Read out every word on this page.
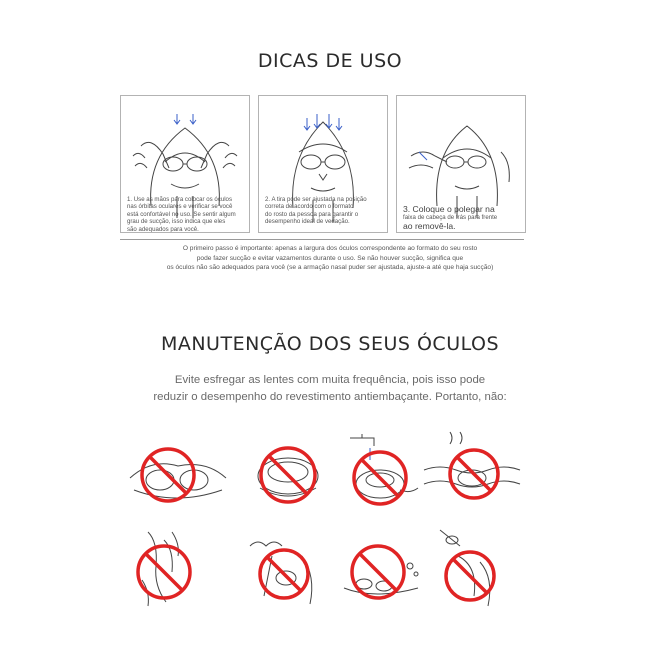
DICAS DE USO
1. Use as mãos para colocar os óculos
nas órbitas oculares e verificar se você
está confortável no uso. Se sentir algum
grau de sucção, isso indica que eles
são adequados para você.
2. A tira pode ser ajustada na posição
correta de acordo com o formato
do rosto da pessoa para garantir o
desempenho ideal de vedação.
3. Coloque o polegar na
faixa de cabeça de trás para frente
ao removê-la.
O primeiro passo é importante: apenas a largura dos óculos correspondente ao formato do seu rosto
pode fazer sucção e evitar vazamentos durante o uso. Se não houver sucção, significa que
os óculos não são adequados para você (se a armação nasal puder ser ajustada, ajuste-a até que haja sucção)
MANUTENÇÃO DOS SEUS ÓCULOS
Evite esfregar as lentes com muita frequência, pois isso pode
reduzir o desempenho do revestimento antiembaçante. Portanto, não:
